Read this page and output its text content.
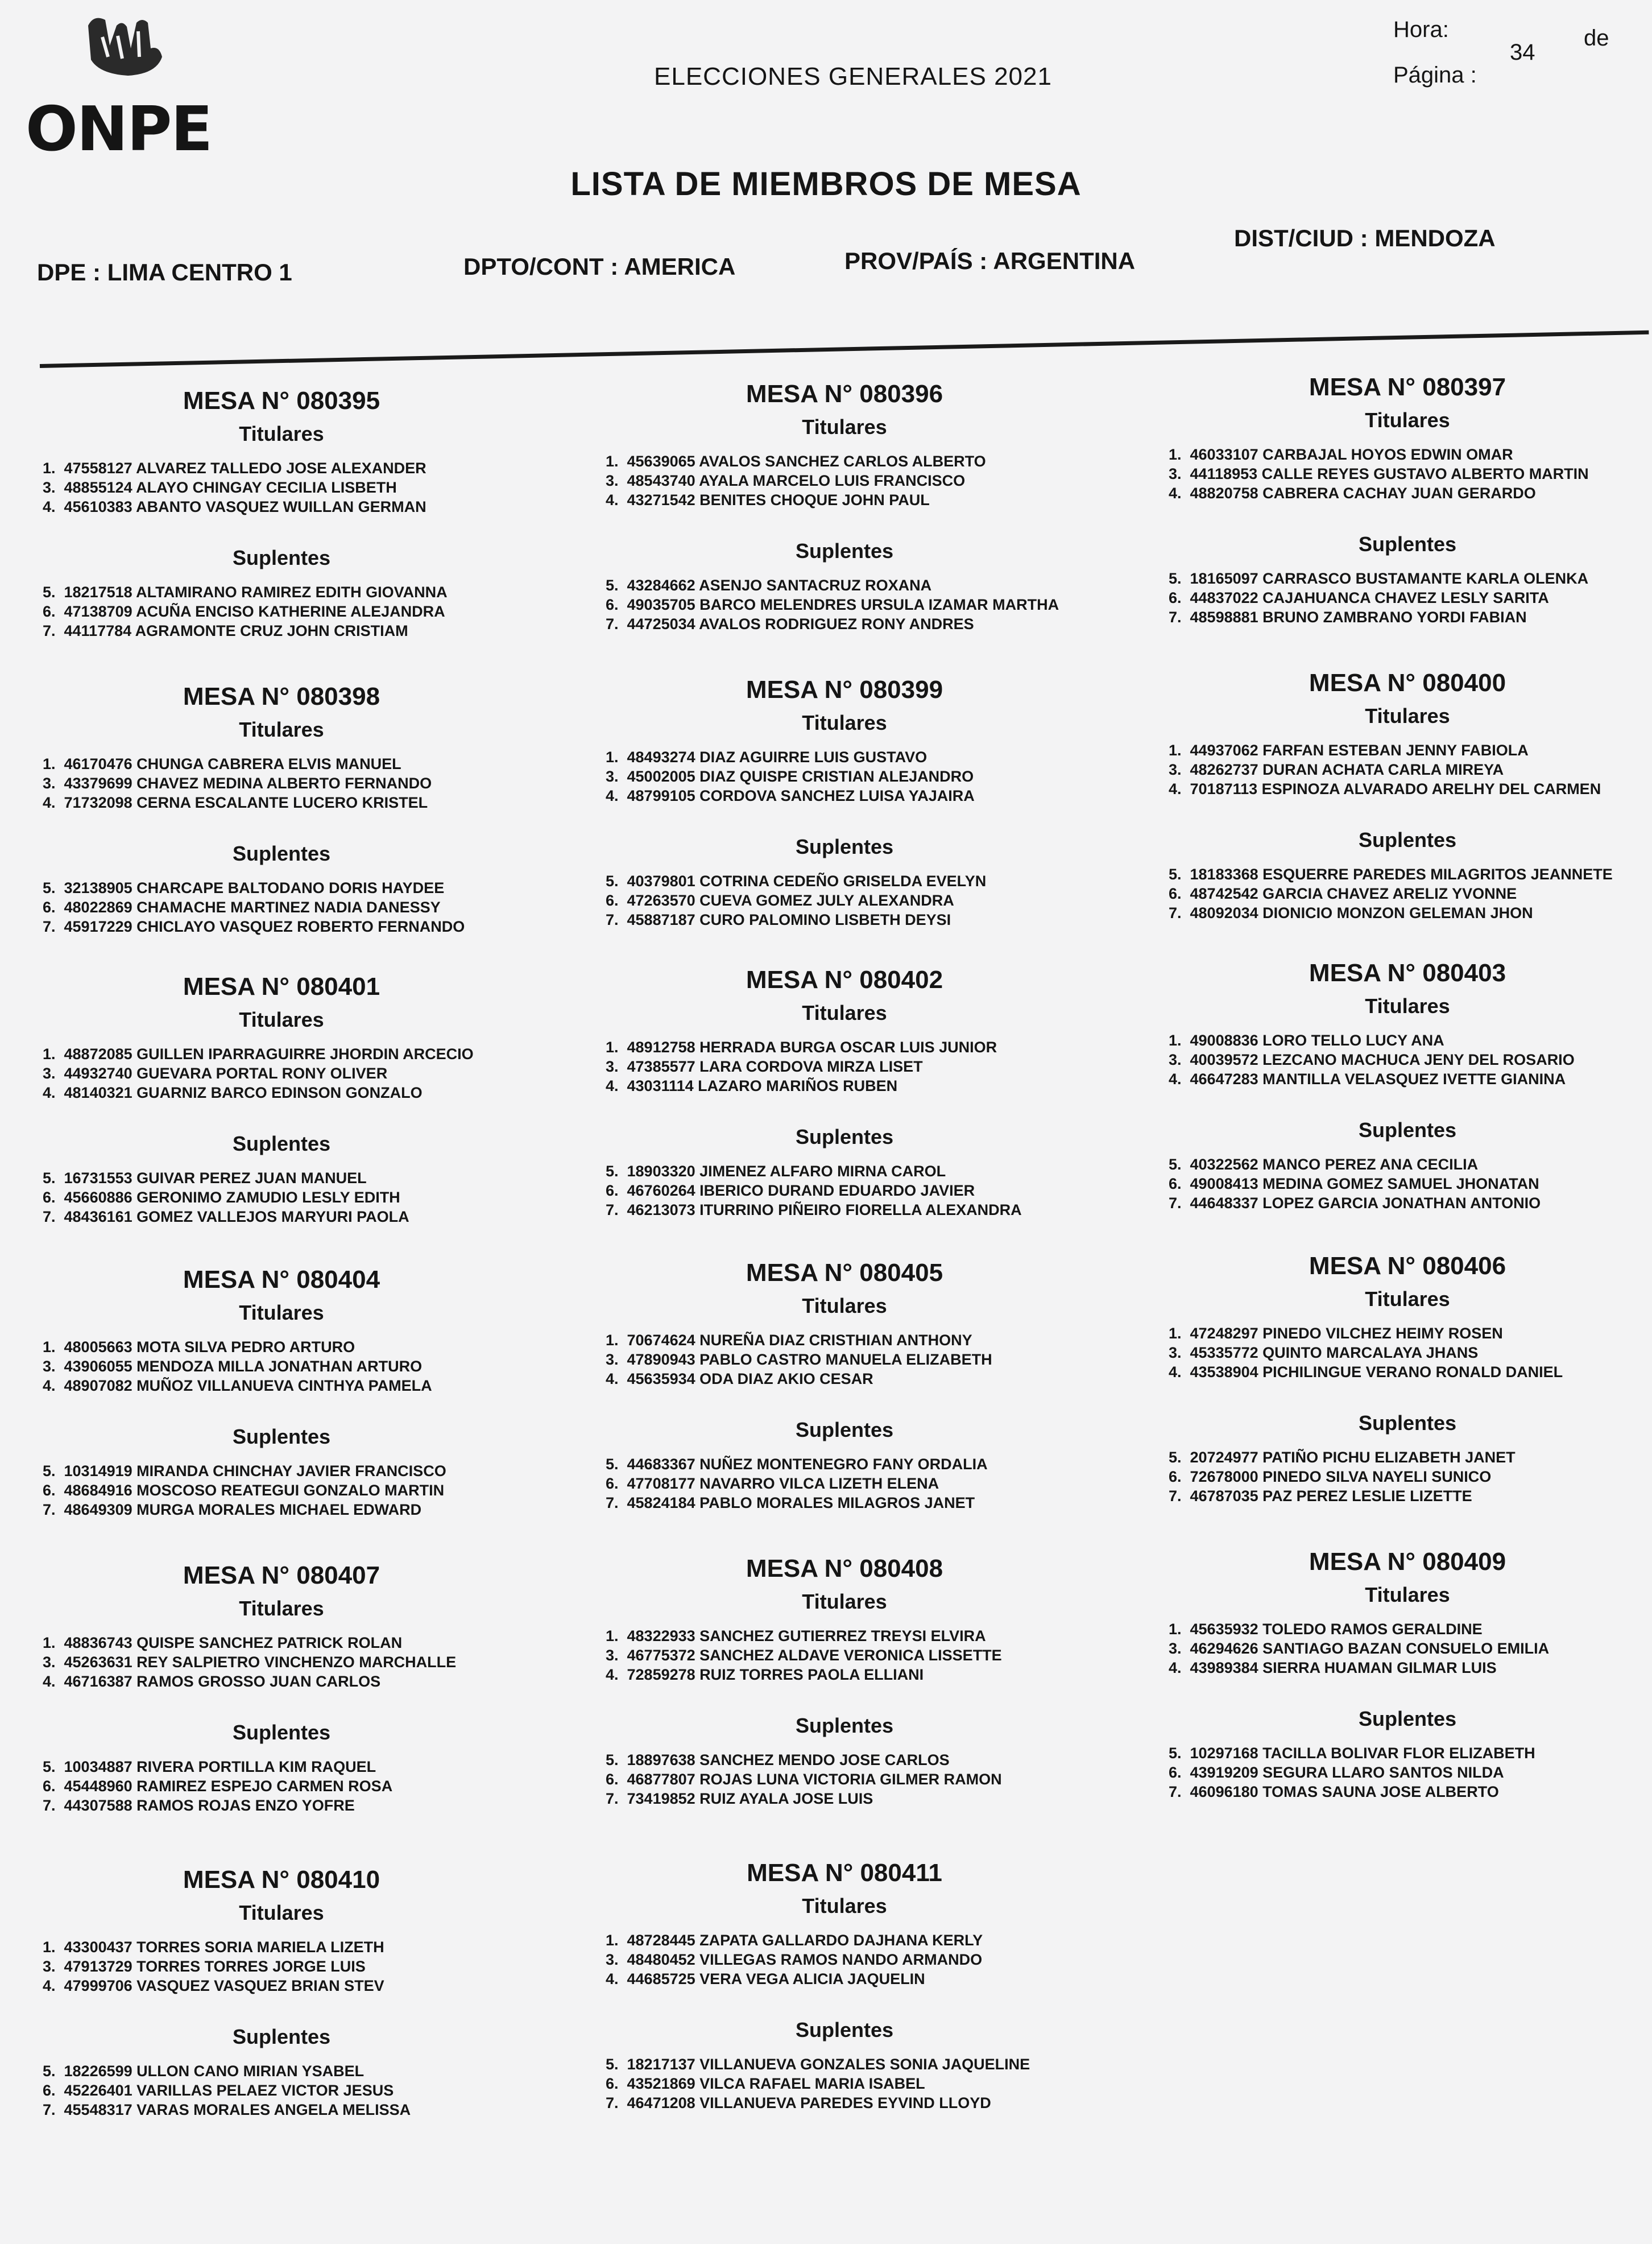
ONPE
ELECCIONES GENERALES 2021
Hora:
34
de
Página :
LISTA DE MIEMBROS DE MESA
DPE : LIMA CENTRO 1	DPTO/CONT : AMERICA	PROV/PAÍS : ARGENTINA
DIST/CIUD : MENDOZA
MESA N° 080395
Titulares
1. 47558127 ALVAREZ TALLEDO JOSE ALEXANDER
3. 48855124 ALAYO CHINGAY CECILIA LISBETH
4. 45610383 ABANTO VASQUEZ WUILLAN GERMAN
Suplentes
5. 18217518 ALTAMIRANO RAMIREZ EDITH GIOVANNA
6. 47138709 ACUÑA ENCISO KATHERINE ALEJANDRA
7. 44117784 AGRAMONTE CRUZ JOHN CRISTIAM
MESA N° 080396
Titulares
1. 45639065 AVALOS SANCHEZ CARLOS ALBERTO
3. 48543740 AYALA MARCELO LUIS FRANCISCO
4. 43271542 BENITES CHOQUE JOHN PAUL
Suplentes
5. 43284662 ASENJO SANTACRUZ ROXANA
6. 49035705 BARCO MELENDRES URSULA IZAMAR MARTHA
7. 44725034 AVALOS RODRIGUEZ RONY ANDRES
MESA N° 080397
Titulares
1. 46033107 CARBAJAL HOYOS EDWIN OMAR
3. 44118953 CALLE REYES GUSTAVO ALBERTO MARTIN
4. 48820758 CABRERA CACHAY JUAN GERARDO
Suplentes
5. 18165097 CARRASCO BUSTAMANTE KARLA OLENKA
6. 44837022 CAJAHUANCA CHAVEZ LESLY SARITA
7. 48598881 BRUNO ZAMBRANO YORDI FABIAN
MESA N° 080398
Titulares
1. 46170476 CHUNGA CABRERA ELVIS MANUEL
3. 43379699 CHAVEZ MEDINA ALBERTO FERNANDO
4. 71732098 CERNA ESCALANTE LUCERO KRISTEL
Suplentes
5. 32138905 CHARCAPE BALTODANO DORIS HAYDEE
6. 48022869 CHAMACHE MARTINEZ NADIA DANESSY
7. 45917229 CHICLAYO VASQUEZ ROBERTO FERNANDO
MESA N° 080399
Titulares
1. 48493274 DIAZ AGUIRRE LUIS GUSTAVO
3. 45002005 DIAZ QUISPE CRISTIAN ALEJANDRO
4. 48799105 CORDOVA SANCHEZ LUISA YAJAIRA
Suplentes
5. 40379801 COTRINA CEDEÑO GRISELDA EVELYN
6. 47263570 CUEVA GOMEZ JULY ALEXANDRA
7. 45887187 CURO PALOMINO LISBETH DEYSI
MESA N° 080400
Titulares
1. 44937062 FARFAN ESTEBAN JENNY FABIOLA
3. 48262737 DURAN ACHATA CARLA MIREYA
4. 70187113 ESPINOZA ALVARADO ARELHY DEL CARMEN
Suplentes
5. 18183368 ESQUERRE PAREDES MILAGRITOS JEANNETE
6. 48742542 GARCIA CHAVEZ ARELIZ YVONNE
7. 48092034 DIONICIO MONZON GELEMAN JHON
MESA N° 080401
Titulares
1. 48872085 GUILLEN IPARRAGUIRRE JHORDIN ARCECIO
3. 44932740 GUEVARA PORTAL RONY OLIVER
4. 48140321 GUARNIZ BARCO EDINSON GONZALO
Suplentes
5. 16731553 GUIVAR PEREZ JUAN MANUEL
6. 45660886 GERONIMO ZAMUDIO LESLY EDITH
7. 48436161 GOMEZ VALLEJOS MARYURI PAOLA
MESA N° 080402
Titulares
1. 48912758 HERRADA BURGA OSCAR LUIS JUNIOR
3. 47385577 LARA CORDOVA MIRZA LISET
4. 43031114 LAZARO MARIÑOS RUBEN
Suplentes
5. 18903320 JIMENEZ ALFARO MIRNA CAROL
6. 46760264 IBERICO DURAND EDUARDO JAVIER
7. 46213073 ITURRINO PIÑEIRO FIORELLA ALEXANDRA
MESA N° 080403
Titulares
1. 49008836 LORO TELLO LUCY ANA
3. 40039572 LEZCANO MACHUCA JENY DEL ROSARIO
4. 46647283 MANTILLA VELASQUEZ IVETTE GIANINA
Suplentes
5. 40322562 MANCO PEREZ ANA CECILIA
6. 49008413 MEDINA GOMEZ SAMUEL JHONATAN
7. 44648337 LOPEZ GARCIA JONATHAN ANTONIO
MESA N° 080404
Titulares
1. 48005663 MOTA SILVA PEDRO ARTURO
3. 43906055 MENDOZA MILLA JONATHAN ARTURO
4. 48907082 MUÑOZ VILLANUEVA CINTHYA PAMELA
Suplentes
5. 10314919 MIRANDA CHINCHAY JAVIER FRANCISCO
6. 48684916 MOSCOSO REATEGUI GONZALO MARTIN
7. 48649309 MURGA MORALES MICHAEL EDWARD
MESA N° 080405
Titulares
1. 70674624 NUREÑA DIAZ CRISTHIAN ANTHONY
3. 47890943 PABLO CASTRO MANUELA ELIZABETH
4. 45635934 ODA DIAZ AKIO CESAR
Suplentes
5. 44683367 NUÑEZ MONTENEGRO FANY ORDALIA
6. 47708177 NAVARRO VILCA LIZETH ELENA
7. 45824184 PABLO MORALES MILAGROS JANET
MESA N° 080406
Titulares
1. 47248297 PINEDO VILCHEZ HEIMY ROSEN
3. 45335772 QUINTO MARCALAYA JHANS
4. 43538904 PICHILINGUE VERANO RONALD DANIEL
Suplentes
5. 20724977 PATIÑO PICHU ELIZABETH JANET
6. 72678000 PINEDO SILVA NAYELI SUNICO
7. 46787035 PAZ PEREZ LESLIE LIZETTE
MESA N° 080407
Titulares
1. 48836743 QUISPE SANCHEZ PATRICK ROLAN
3. 45263631 REY SALPIETRO VINCHENZO MARCHALLE
4. 46716387 RAMOS GROSSO JUAN CARLOS
Suplentes
5. 10034887 RIVERA PORTILLA KIM RAQUEL
6. 45448960 RAMIREZ ESPEJO CARMEN ROSA
7. 44307588 RAMOS ROJAS ENZO YOFRE
MESA N° 080408
Titulares
1. 48322933 SANCHEZ GUTIERREZ TREYSI ELVIRA
3. 46775372 SANCHEZ ALDAVE VERONICA LISSETTE
4. 72859278 RUIZ TORRES PAOLA ELLIANI
Suplentes
5. 18897638 SANCHEZ MENDO JOSE CARLOS
6. 46877807 ROJAS LUNA VICTORIA GILMER RAMON
7. 73419852 RUIZ AYALA JOSE LUIS
MESA N° 080409
Titulares
1. 45635932 TOLEDO RAMOS GERALDINE
3. 46294626 SANTIAGO BAZAN CONSUELO EMILIA
4. 43989384 SIERRA HUAMAN GILMAR LUIS
Suplentes
5. 10297168 TACILLA BOLIVAR FLOR ELIZABETH
6. 43919209 SEGURA LLARO SANTOS NILDA
7. 46096180 TOMAS SAUNA JOSE ALBERTO
MESA N° 080410
Titulares
1. 43300437 TORRES SORIA MARIELA LIZETH
3. 47913729 TORRES TORRES JORGE LUIS
4. 47999706 VASQUEZ VASQUEZ BRIAN STEV
Suplentes
5. 18226599 ULLON CANO MIRIAN YSABEL
6. 45226401 VARILLAS PELAEZ VICTOR JESUS
7. 45548317 VARAS MORALES ANGELA MELISSA
MESA N° 080411
Titulares
1. 48728445 ZAPATA GALLARDO DAJHANA KERLY
3. 48480452 VILLEGAS RAMOS NANDO ARMANDO
4. 44685725 VERA VEGA ALICIA JAQUELIN
Suplentes
5. 18217137 VILLANUEVA GONZALES SONIA JAQUELINE
6. 43521869 VILCA RAFAEL MARIA ISABEL
7. 46471208 VILLANUEVA PAREDES EYVIND LLOYD
